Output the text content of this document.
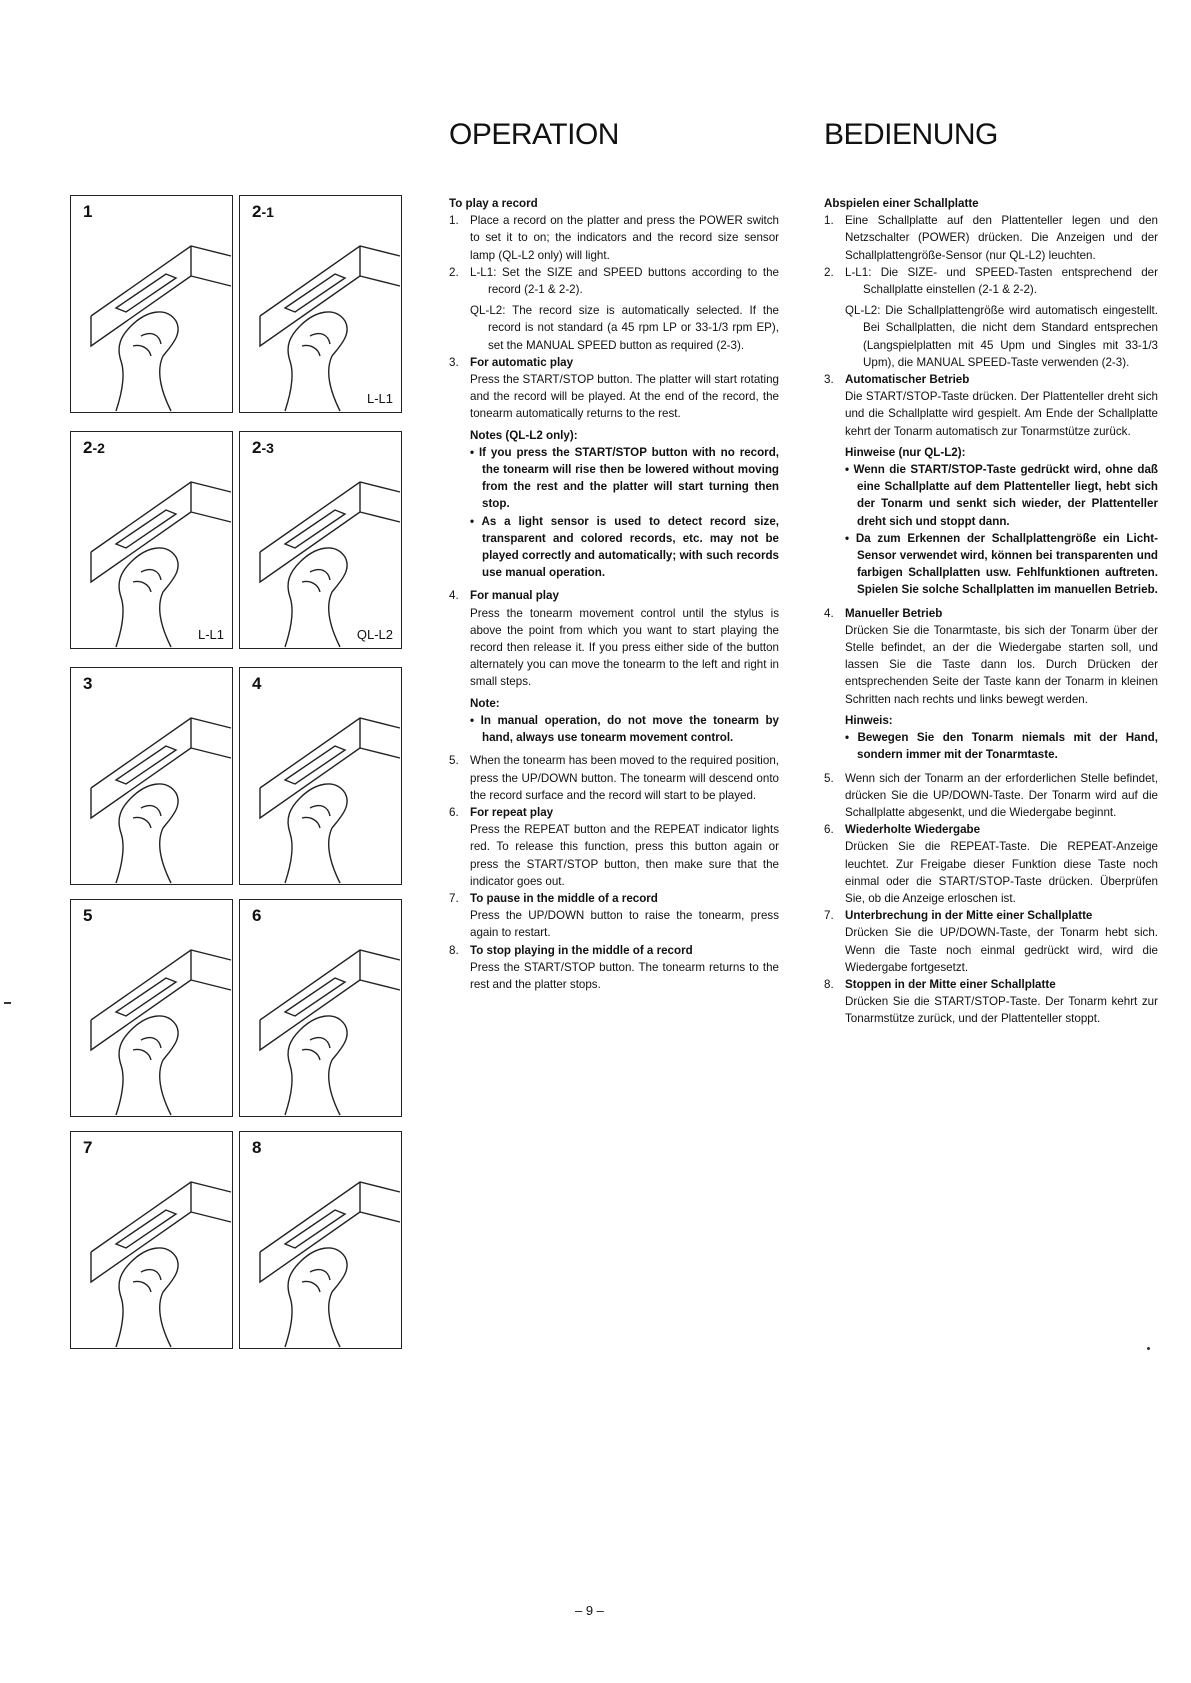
OPERATION	BEDIENUNG
1	2-1
L-L1
2-2
L-L1
2-3
QL-L2
3	4
5	6
7	8
To play a record
1. Place a record on the platter and press the POWER switch to set it to on; the indicators and the record size sensor lamp (QL-L2 only) will light.
2. L-L1: Set the SIZE and SPEED buttons according to the record (2-1 & 2-2).
QL-L2: The record size is automatically selected. If the record is not standard (a 45 rpm LP or 33-1/3 rpm EP), set the MANUAL SPEED button as required (2-3).
3. For automatic play
Press the START/STOP button. The platter will start rotating and the record will be played. At the end of the record, the tonearm automatically returns to the rest.
Notes (QL-L2 only):
• If you press the START/STOP button with no record, the tonearm will rise then be lowered without moving from the rest and the platter will start turning then stop.
• As a light sensor is used to detect record size, transparent and colored records, etc. may not be played correctly and automatically; with such records use manual operation.
4. For manual play
Press the tonearm movement control until the stylus is above the point from which you want to start playing the record then release it. If you press either side of the button alternately you can move the tonearm to the left and right in small steps.
Note:
• In manual operation, do not move the tonearm by hand, always use tonearm movement control.
5. When the tonearm has been moved to the required position, press the UP/DOWN button. The tonearm will descend onto the record surface and the record will start to be played.
6. For repeat play
Press the REPEAT button and the REPEAT indicator lights red. To release this function, press this button again or press the START/STOP button, then make sure that the indicator goes out.
7. To pause in the middle of a record
Press the UP/DOWN button to raise the tonearm, press again to restart.
8. To stop playing in the middle of a record
Press the START/STOP button. The tonearm returns to the rest and the platter stops.
Abspielen einer Schallplatte
1. Eine Schallplatte auf den Plattenteller legen und den Netzschalter (POWER) drücken. Die Anzeigen und der Schallplattengröße-Sensor (nur QL-L2) leuchten.
2. L-L1: Die SIZE- und SPEED-Tasten entsprechend der Schallplatte einstellen (2-1 & 2-2).
QL-L2: Die Schallplattengröße wird automatisch eingestellt. Bei Schallplatten, die nicht dem Standard entsprechen (Langspielplatten mit 45 Upm und Singles mit 33-1/3 Upm), die MANUAL SPEED-Taste verwenden (2-3).
3. Automatischer Betrieb
Die START/STOP-Taste drücken. Der Plattenteller dreht sich und die Schallplatte wird gespielt. Am Ende der Schallplatte kehrt der Tonarm automatisch zur Tonarmstütze zurück.
Hinweise (nur QL-L2):
• Wenn die START/STOP-Taste gedrückt wird, ohne daß eine Schallplatte auf dem Plattenteller liegt, hebt sich der Tonarm und senkt sich wieder, der Plattenteller dreht sich und stoppt dann.
• Da zum Erkennen der Schallplattengröße ein Licht-Sensor verwendet wird, können bei transparenten und farbigen Schallplatten usw. Fehlfunktionen auftreten. Spielen Sie solche Schallplatten im manuellen Betrieb.
4. Manueller Betrieb
Drücken Sie die Tonarmtaste, bis sich der Tonarm über der Stelle befindet, an der die Wiedergabe starten soll, und lassen Sie die Taste dann los. Durch Drücken der entsprechenden Seite der Taste kann der Tonarm in kleinen Schritten nach rechts und links bewegt werden.
Hinweis:
• Bewegen Sie den Tonarm niemals mit der Hand, sondern immer mit der Tonarmtaste.
5. Wenn sich der Tonarm an der erforderlichen Stelle befindet, drücken Sie die UP/DOWN-Taste. Der Tonarm wird auf die Schallplatte abgesenkt, und die Wiedergabe beginnt.
6. Wiederholte Wiedergabe
Drücken Sie die REPEAT-Taste. Die REPEAT-Anzeige leuchtet. Zur Freigabe dieser Funktion diese Taste noch einmal oder die START/STOP-Taste drücken. Überprüfen Sie, ob die Anzeige erloschen ist.
7. Unterbrechung in der Mitte einer Schallplatte
Drücken Sie die UP/DOWN-Taste, der Tonarm hebt sich. Wenn die Taste noch einmal gedrückt wird, wird die Wiedergabe fortgesetzt.
8. Stoppen in der Mitte einer Schallplatte
Drücken Sie die START/STOP-Taste. Der Tonarm kehrt zur Tonarmstütze zurück, und der Plattenteller stoppt.
– 9 –
